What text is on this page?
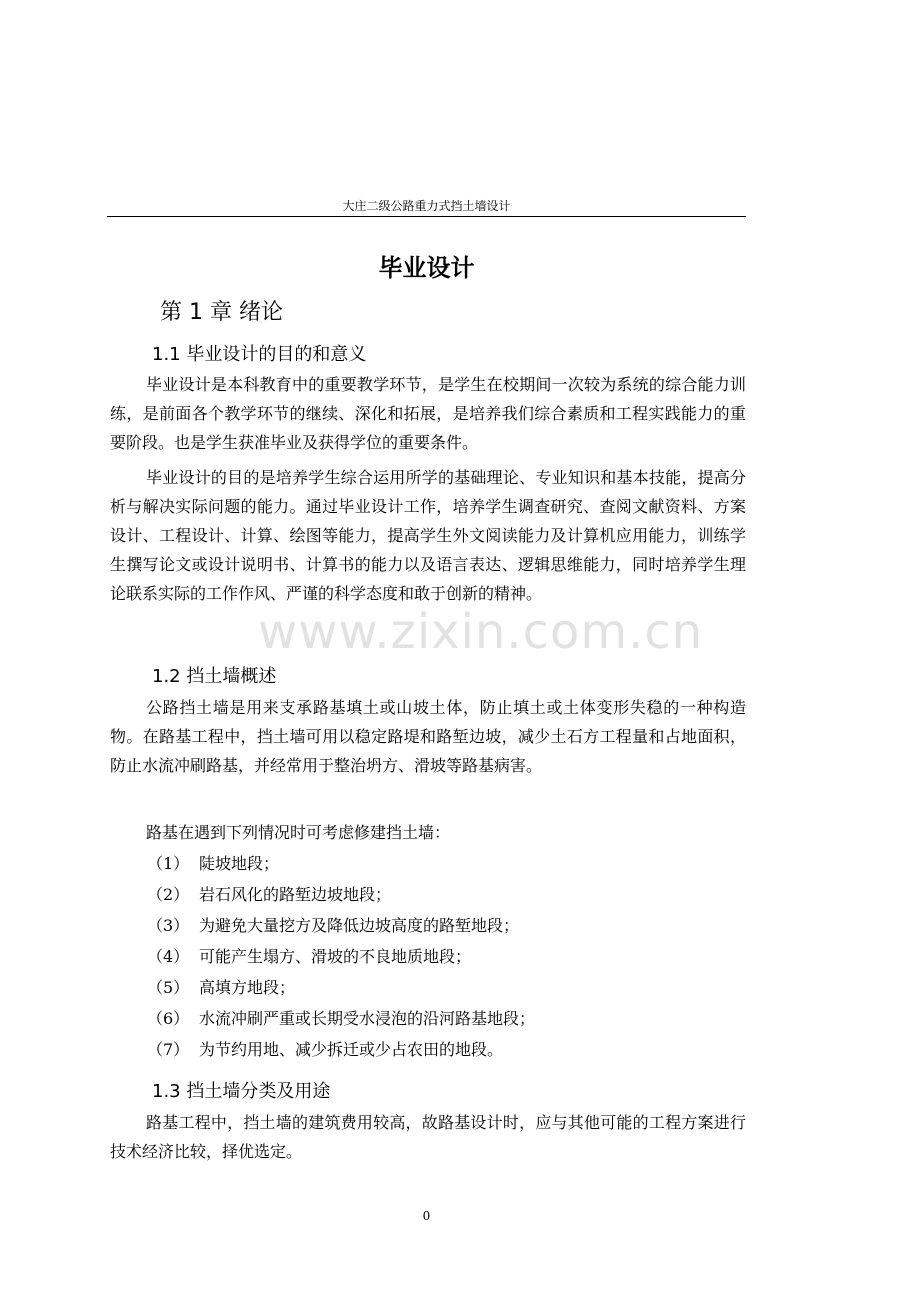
大庄二级公路重力式挡土墙设计
毕业设计
第 1 章 绪论
1.1 毕业设计的目的和意义

毕业设计是本科教育中的重要教学环节，是学生在校期间一次较为系统的综合能力训练，是前面各个教学环节的继续、深化和拓展，是培养我们综合素质和工程实践能力的重要阶段。也是学生获准毕业及获得学位的重要条件。

毕业设计的目的是培养学生综合运用所学的基础理论、专业知识和基本技能，提高分析与解决实际问题的能力。通过毕业设计工作，培养学生调查研究、查阅文献资料、方案设计、工程设计、计算、绘图等能力，提高学生外文阅读能力及计算机应用能力，训练学生撰写论文或设计说明书、计算书的能力以及语言表达、逻辑思维能力，同时培养学生理论联系实际的工作作风、严谨的科学态度和敢于创新的精神。

1.2 挡土墙概述

公路挡土墙是用来支承路基填土或山坡土体，防止填土或土体变形失稳的一种构造物。在路基工程中，挡土墙可用以稳定路堤和路堑边坡，减少土石方工程量和占地面积，防止水流冲刷路基，并经常用于整治坍方、滑坡等路基病害。

路基在遇到下列情况时可考虑修建挡土墙：

（1） 陡坡地段；
（2） 岩石风化的路堑边坡地段；
（3） 为避免大量挖方及降低边坡高度的路堑地段；
（4） 可能产生塌方、滑坡的不良地质地段；
（5） 高填方地段；
（6） 水流冲刷严重或长期受水浸泡的沿河路基地段；
（7） 为节约用地、减少拆迁或少占农田的地段。
1.3 挡土墙分类及用途

路基工程中，挡土墙的建筑费用较高，故路基设计时，应与其他可能的工程方案进行技术经济比较，择优选定。

www.zixin.com.cn
0
